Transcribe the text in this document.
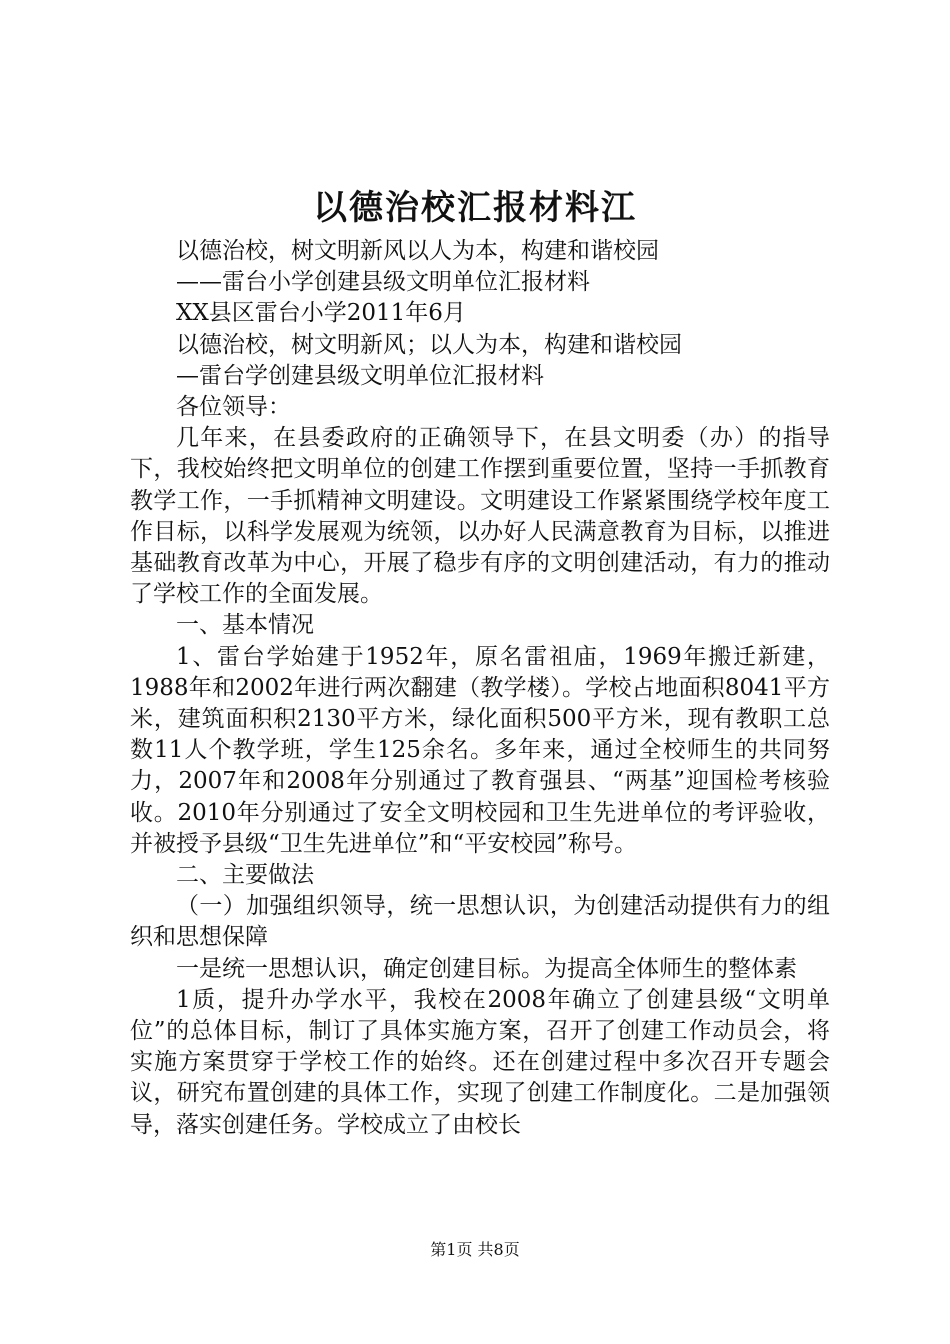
以德治校汇报材料江
以德治校，树文明新风以人为本，构建和谐校园
——雷台小学创建县级文明单位汇报材料
XX县区雷台小学2011年6月
以德治校，树文明新风；以人为本，构建和谐校园
—雷台学创建县级文明单位汇报材料
各位领导：
几年来，在县委政府的正确领导下，在县文明委（办）的指导下，我校始终把文明单位的创建工作摆到重要位置，坚持一手抓教育教学工作，一手抓精神文明建设。文明建设工作紧紧围绕学校年度工作目标，以科学发展观为统领，以办好人民满意教育为目标，以推进基础教育改革为中心，开展了稳步有序的文明创建活动，有力的推动了学校工作的全面发展。
一、基本情况
1、雷台学始建于1952年，原名雷祖庙，1969年搬迁新建，1988年和2002年进行两次翻建（教学楼）。学校占地面积8041平方米，建筑面积积2130平方米，绿化面积500平方米，现有教职工总数11人个教学班，学生125余名。多年来，通过全校师生的共同努力，2007年和2008年分别通过了教育强县、“两基”迎国检考核验收。2010年分别通过了安全文明校园和卫生先进单位的考评验收，并被授予县级“卫生先进单位”和“平安校园”称号。
二、主要做法
（一）加强组织领导，统一思想认识，为创建活动提供有力的组织和思想保障
一是统一思想认识，确定创建目标。为提高全体师生的整体素
1质，提升办学水平，我校在2008年确立了创建县级“文明单位”的总体目标，制订了具体实施方案，召开了创建工作动员会，将实施方案贯穿于学校工作的始终。还在创建过程中多次召开专题会议，研究布置创建的具体工作，实现了创建工作制度化。二是加强领导，落实创建任务。学校成立了由校长
第1页 共8页
